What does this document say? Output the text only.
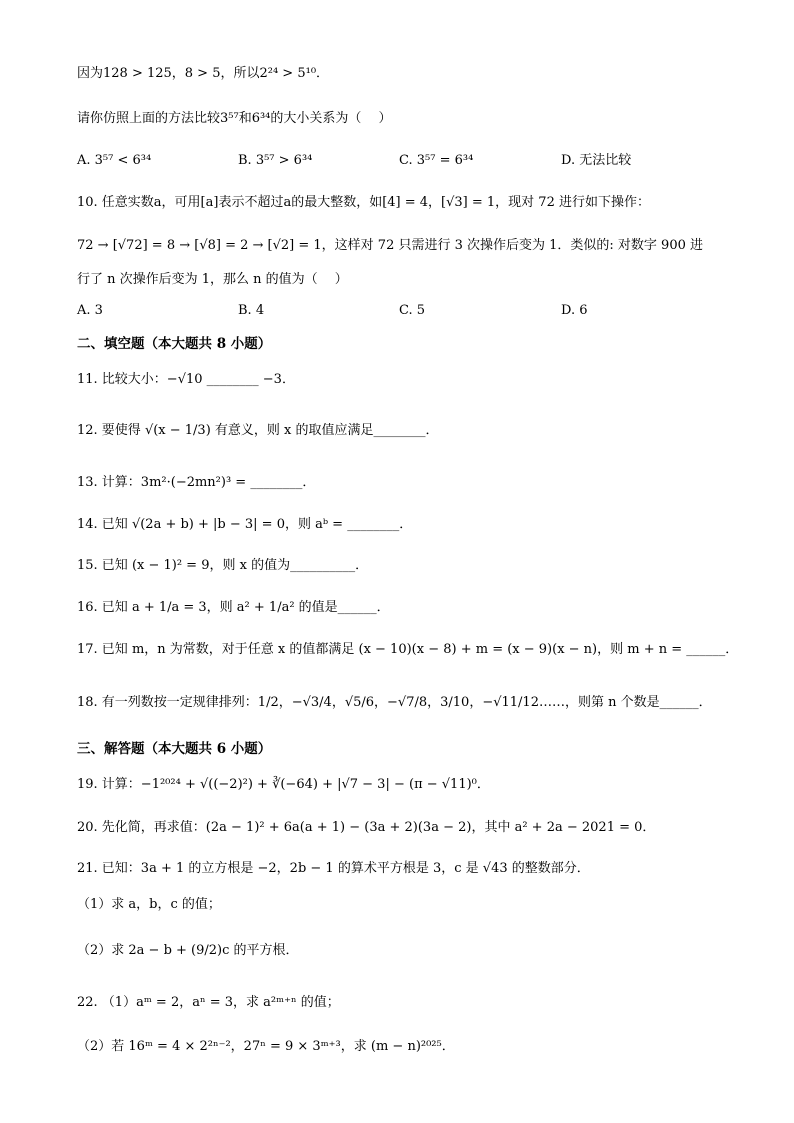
因为128 > 125，8 > 5，所以2²⁴ > 5¹⁰．
请你仿照上面的方法比较3⁵⁷和6³⁴的大小关系为（　 ）
A. 3⁵⁷ < 6³⁴	B. 3⁵⁷ > 6³⁴	C. 3⁵⁷ = 6³⁴	D. 无法比较
10. 任意实数a，可用[a]表示不超过a的最大整数，如[4] = 4，[√3] = 1，现对 72 进行如下操作：
72 → [√72] = 8 → [√8] = 2 → [√2] = 1，这样对 72 只需进行 3 次操作后变为 1．类似的: 对数字 900 进
行了 n 次操作后变为 1，那么 n 的值为（　 ）
A. 3	B. 4	C. 5	D. 6
二、填空题（本大题共 8 小题）
11. 比较大小：−√10 ________ −3．
12. 要使得 √(x − 1/3) 有意义，则 x 的取值应满足________．
13. 计算：3m²·(−2mn²)³ = ________．
14. 已知 √(2a + b) + |b − 3| = 0，则 aᵇ = ________．
15. 已知 (x − 1)² = 9，则 x 的值为__________．
16. 已知 a + 1/a = 3，则 a² + 1/a² 的值是______．
17. 已知 m，n 为常数，对于任意 x 的值都满足 (x − 10)(x − 8) + m = (x − 9)(x − n)，则 m + n = ______．
18. 有一列数按一定规律排列：1/2，−√3/4，√5/6，−√7/8，3/10，−√11/12……，则第 n 个数是______．
三、解答题（本大题共 6 小题）
19. 计算：−1²⁰²⁴ + √((−2)²) + ∛(−64) + |√7 − 3| − (π − √11)⁰．
20. 先化简，再求值：(2a − 1)² + 6a(a + 1) − (3a + 2)(3a − 2)，其中 a² + 2a − 2021 = 0．
21. 已知：3a + 1 的立方根是 −2，2b − 1 的算术平方根是 3，c 是 √43 的整数部分．
（1）求 a，b，c 的值；
（2）求 2a − b + (9/2)c 的平方根．
22. （1）aᵐ = 2，aⁿ = 3，求 a²ᵐ⁺ⁿ 的值；
（2）若 16ᵐ = 4 × 2²ⁿ⁻²，27ⁿ = 9 × 3ᵐ⁺³，求 (m − n)²⁰²⁵．
